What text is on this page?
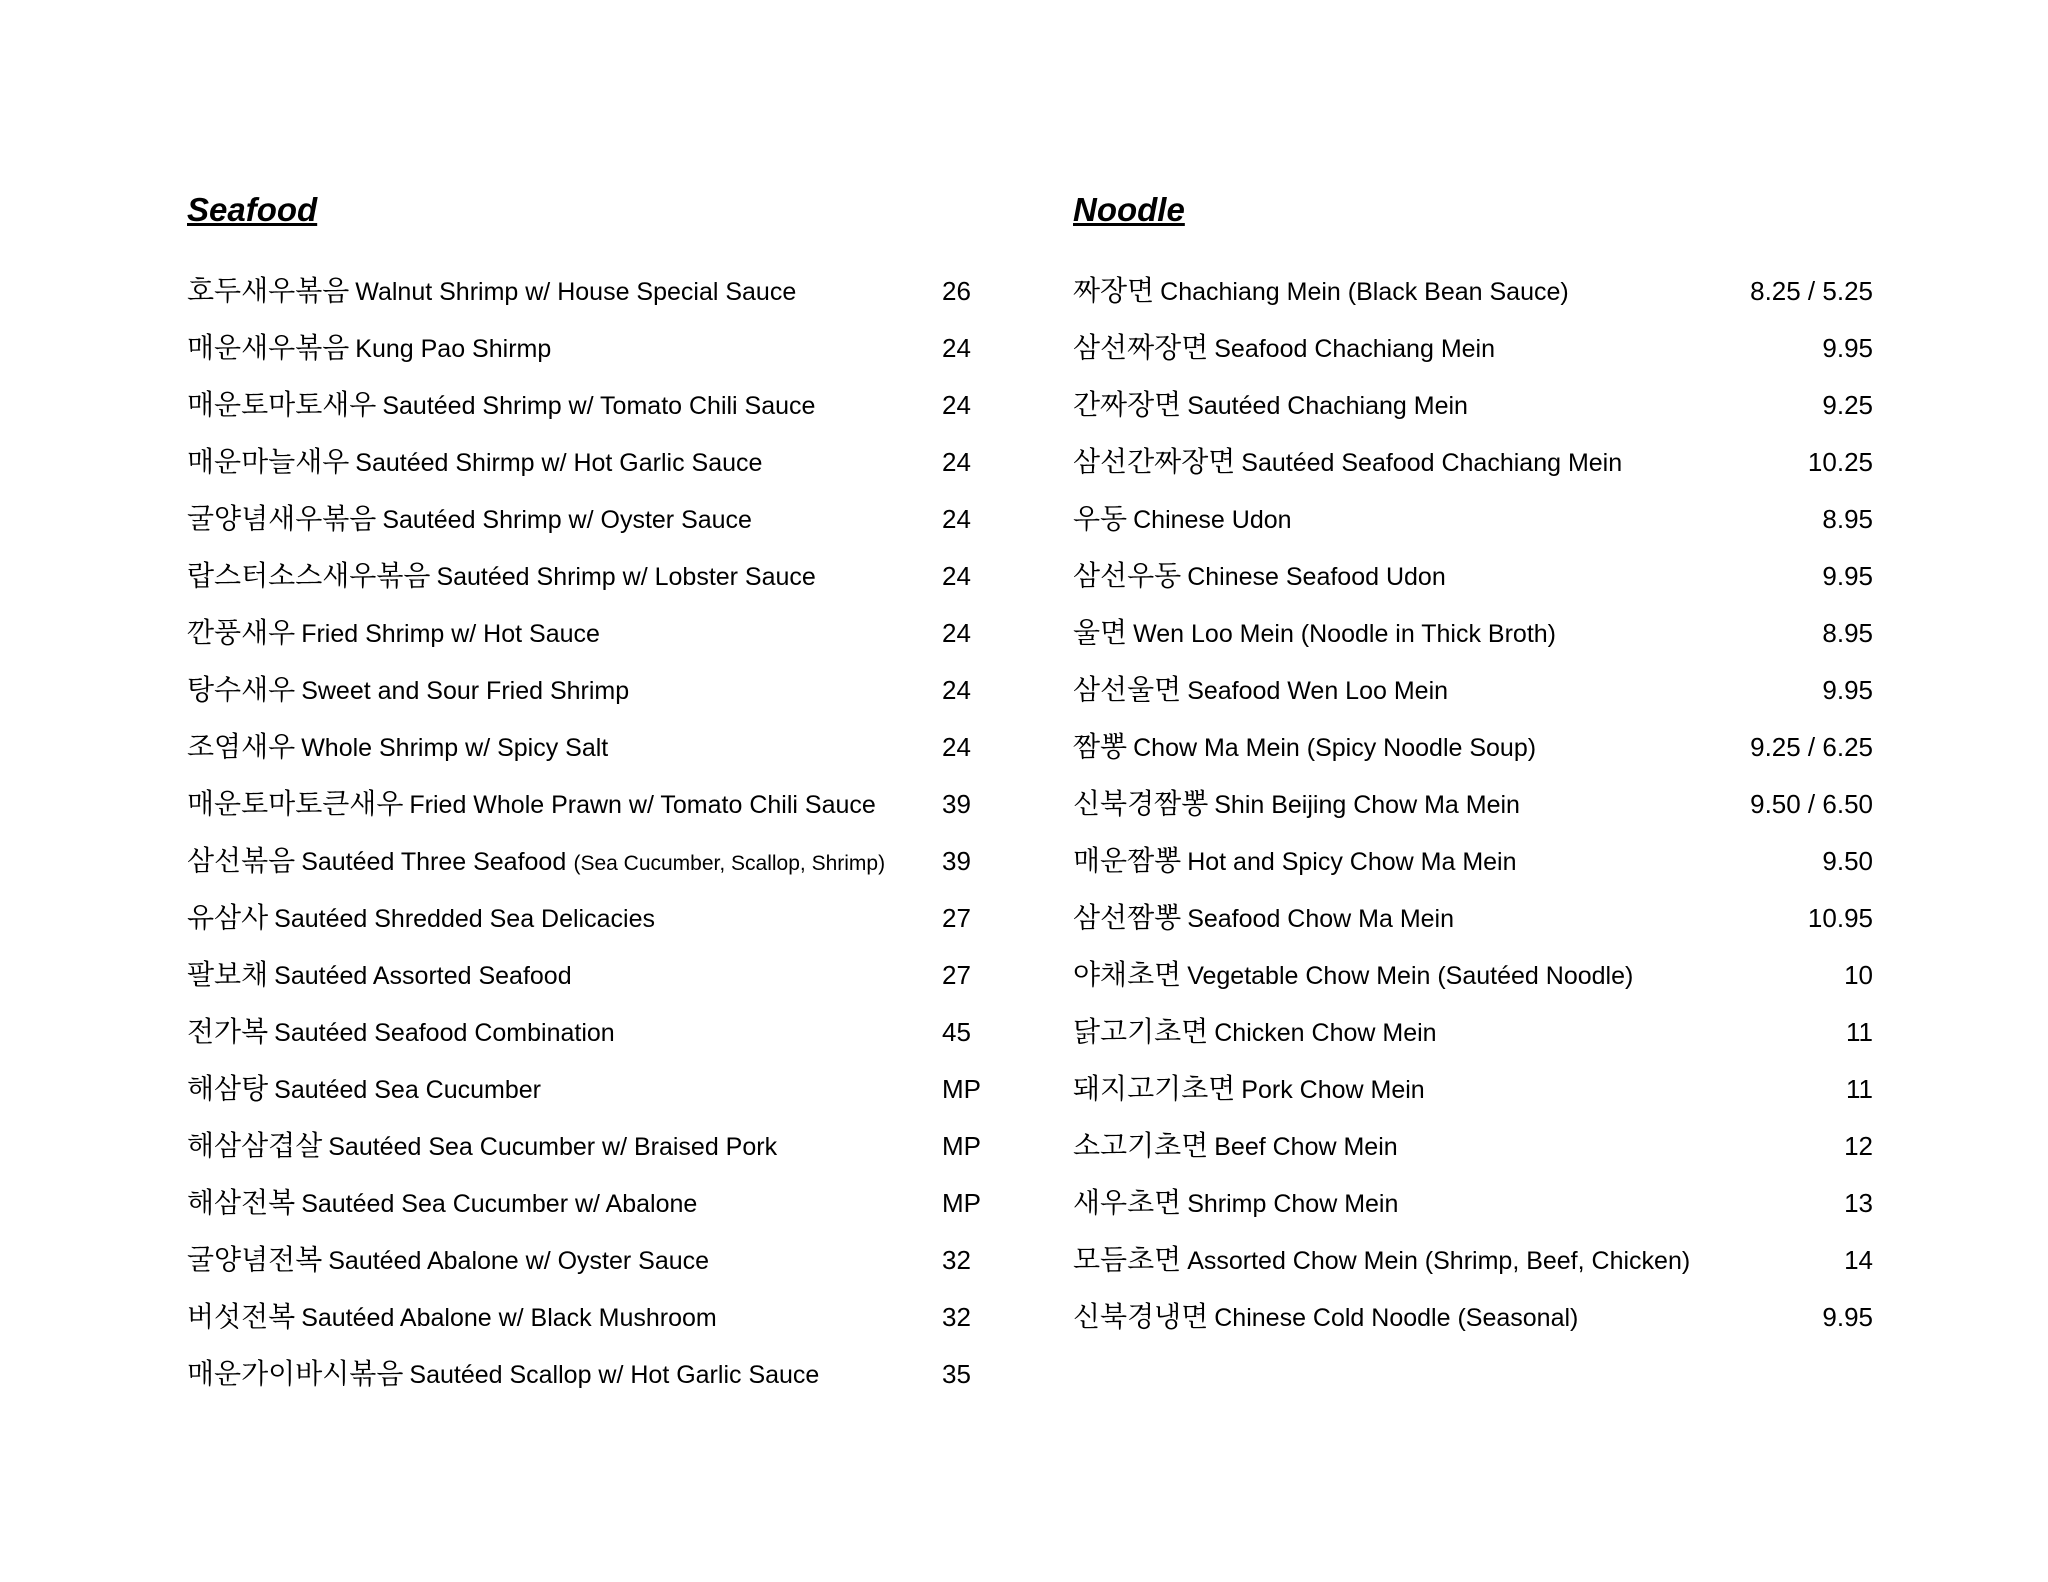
Seafood
호두새우볶음 Walnut Shrimp w/ House Special Sauce	26
매운새우볶음 Kung Pao Shirmp	24
매운토마토새우 Sautéed Shrimp w/ Tomato Chili Sauce	24
매운마늘새우 Sautéed Shirmp w/ Hot Garlic Sauce	24
굴양념새우볶음 Sautéed Shrimp w/ Oyster Sauce	24
랍스터소스새우볶음 Sautéed Shrimp w/ Lobster Sauce	24
깐풍새우 Fried Shrimp w/ Hot Sauce	24
탕수새우 Sweet and Sour Fried Shrimp	24
조염새우 Whole Shrimp w/ Spicy Salt	24
매운토마토큰새우 Fried Whole Prawn w/ Tomato Chili Sauce	39
삼선볶음 Sautéed Three Seafood (Sea Cucumber, Scallop, Shrimp) 39
유삼사 Sautéed Shredded Sea Delicacies	27
팔보채 Sautéed Assorted Seafood	27
전가복 Sautéed Seafood Combination	45
해삼탕 Sautéed Sea Cucumber	MP
해삼삼겹살 Sautéed Sea Cucumber w/ Braised Pork	MP
해삼전복 Sautéed Sea Cucumber w/ Abalone	MP
굴양념전복 Sautéed Abalone w/ Oyster Sauce	32
버섯전복 Sautéed Abalone w/ Black Mushroom	32
매운가이바시볶음 Sautéed Scallop w/ Hot Garlic Sauce	35
Noodle
짜장면 Chachiang Mein (Black Bean Sauce)	8.25 / 5.25
삼선짜장면 Seafood Chachiang Mein	9.95
간짜장면 Sautéed Chachiang Mein	9.25
삼선간짜장면 Sautéed Seafood Chachiang Mein	10.25
우동 Chinese Udon	8.95
삼선우동 Chinese Seafood Udon	9.95
울면 Wen Loo Mein (Noodle in Thick Broth)	8.95
삼선울면 Seafood Wen Loo Mein	9.95
짬뽕 Chow Ma Mein (Spicy Noodle Soup)	9.25 / 6.25
신북경짬뽕 Shin Beijing Chow Ma Mein	9.50 / 6.50
매운짬뽕 Hot and Spicy Chow Ma Mein	9.50
삼선짬뽕 Seafood Chow Ma Mein	10.95
야채초면 Vegetable Chow Mein (Sautéed Noodle)	10
닭고기초면 Chicken Chow Mein	11
돼지고기초면 Pork Chow Mein	11
소고기초면 Beef Chow Mein	12
새우초면 Shrimp Chow Mein	13
모듬초면 Assorted Chow Mein (Shrimp, Beef, Chicken)	14
신북경냉면 Chinese Cold Noodle (Seasonal)	9.95
